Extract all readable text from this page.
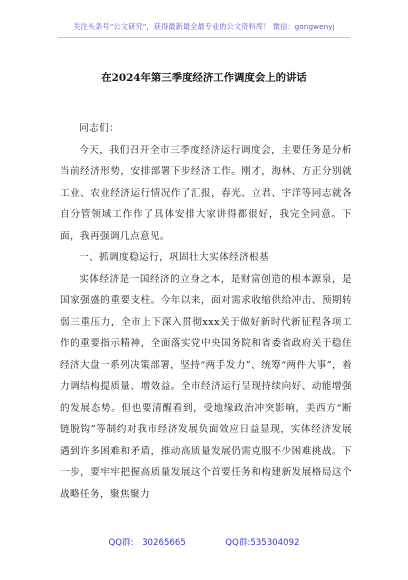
关注头条号“公文研究”，获得最新最全最专业的公文资料库！ 微信：gongwenyj
在2024年第三季度经济工作调度会上的讲话

同志们：

今天，我们召开全市三季度经济运行调度会，主要任务是分析当前经济形势，安排部署下步经济工作。刚才，海林、方正分别就工业、农业经济运行情况作了汇报，春光、立君、宇洋等同志就各自分管领域工作作了具体安排大家讲得都很好，我完全同意。下面，我再强调几点意见。

一、抓调度稳运行，巩固壮大实体经济根基

实体经济是一国经济的立身之本，是财富创造的根本源泉，是国家强盛的重要支柱。今年以来，面对需求收缩供给冲击、预期转弱三重压力，全市上下深入贯彻xxx关于做好新时代新征程各项工作的重要指示精神，全面落实党中央国务院和省委省政府关于稳住经济大盘一系列决策部署，坚持“两手发力”、统筹“两件大事”，着力调结构提质量、增效益。全市经济运行呈现持续向好、动能增强的发展态势。但也要清醒看到，受地缘政治冲突影响，美西方“断链脱钩”等制约对我市经济发展负面效应日益显现，实体经济发展遇到许多困难和矛盾，推动高质量发展仍需克服不少困难挑战。下一步，要牢牢把握高质量发展这个首要任务和构建新发展格局这个战略任务，聚焦聚力

QQ群:　30265665	QQ群:535304092
